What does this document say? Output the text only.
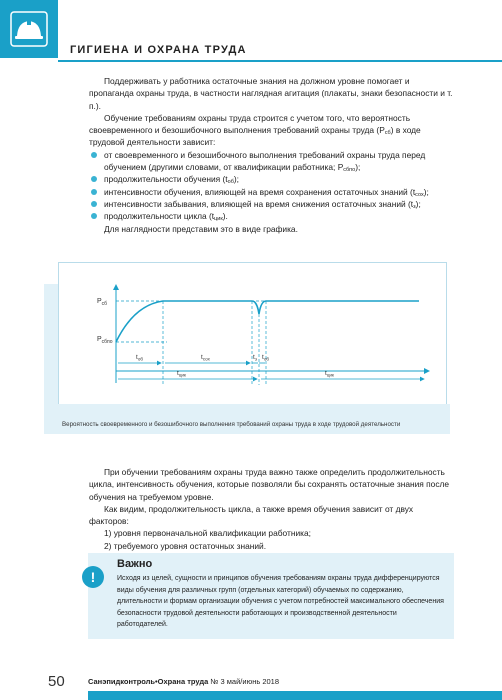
ГИГИЕНА И ОХРАНА ТРУДА

Поддерживать у работника остаточные знания на должном уровне помогает и пропаганда охраны труда, в частности наглядная агитация (плакаты, знаки безопасности и т. п.).

Обучение требованиям охраны труда строится с учетом того, что вероятность своевременного и безошибочного выполнения требований охраны труда $(Р_{сб})$ в ходе трудовой деятельности зависит:

от своевременного и безошибочного выполнения требований охраны труда перед обучением (другими словами, от квалификации работника; $Р_{сбпо}$);

продолжительности обучения $(t_{об})$;

интенсивности обучения, влияющей на время сохранения остаточных знаний $(t_{сох})$;

интенсивности забывания, влияющей на время снижения остаточных знаний $(t_з)$;

продолжительности цикла $(t_{цик})$.

Для наглядности представим это в виде графика.

$Р_{сб}$
$Р_{сбпо}$
$t_{об}$	$t_{сох}$	$t_з$ $t_{об}$
$t_{цик}$	$t_{цик}$
Вероятность своевременного и безошибочного выполнения требований охраны труда в ходе трудовой деятельности

При обучении требованиям охраны труда важно также определить продолжительность цикла, интенсивность обучения, которые позволяли бы сохранять остаточные знания после обучения на требуемом уровне.

Как видим, продолжительность цикла, а также время обучения зависит от двух факторов:

1) уровня первоначальной квалификации работника;

2) требуемого уровня остаточных знаний.

!
Важно
Исходя из целей, сущности и принципов обучения требованиям охраны труда дифференцируются виды обучения для различных групп (отдельных категорий) обучаемых по содержанию, длительности и формам организации обучения с учетом потребностей максимального обеспечения безопасности трудовой деятельности работающих и производственной деятельности работодателей.
50	Санэпидконтроль•Охрана труда № 3 май/июнь 2018
